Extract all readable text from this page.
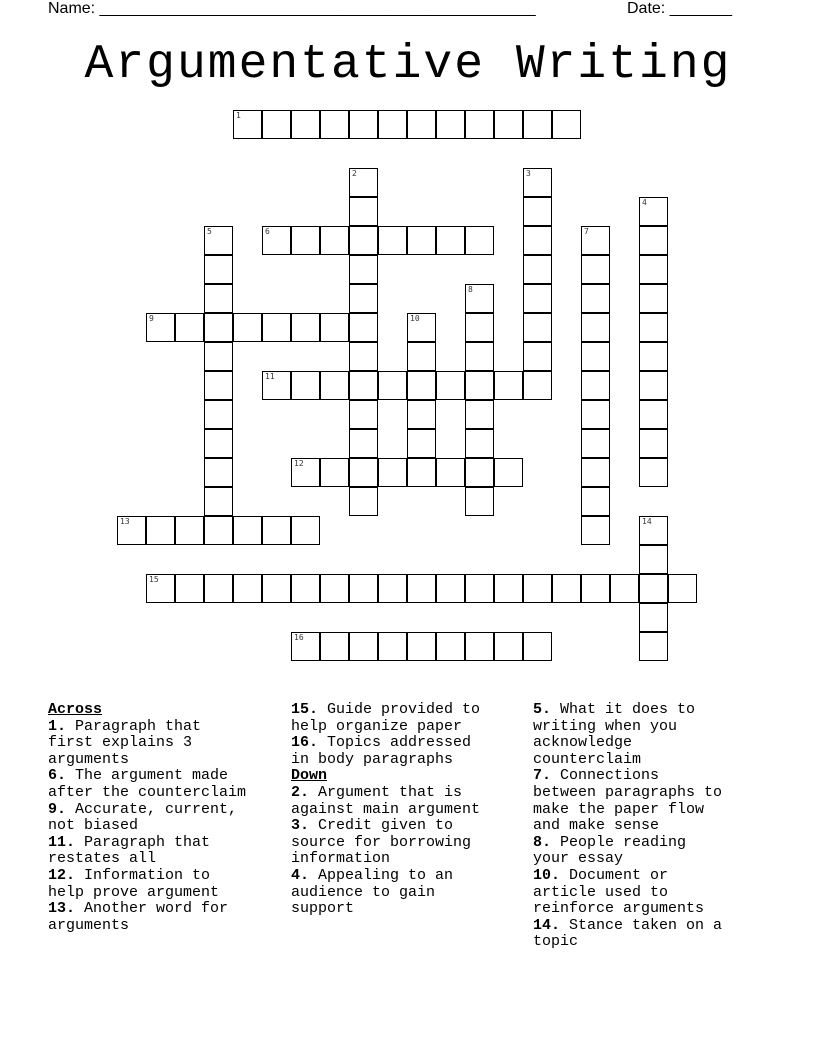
Name: _________________________________________________	Date: _______
Argumentative Writing
1
2	3
4
5	6	7
8
9	10
11
12
13	14
15
16
Across
1. Paragraph that
first explains 3
arguments
6. The argument made
after the counterclaim
9. Accurate, current,
not biased
11. Paragraph that
restates all
12. Information to
help prove argument
13. Another word for
arguments
15. Guide provided to
help organize paper
16. Topics addressed
in body paragraphs
Down
2. Argument that is
against main argument
3. Credit given to
source for borrowing
information
4. Appealing to an
audience to gain
support
5. What it does to
writing when you
acknowledge
counterclaim
7. Connections
between paragraphs to
make the paper flow
and make sense
8. People reading
your essay
10. Document or
article used to
reinforce arguments
14. Stance taken on a
topic
